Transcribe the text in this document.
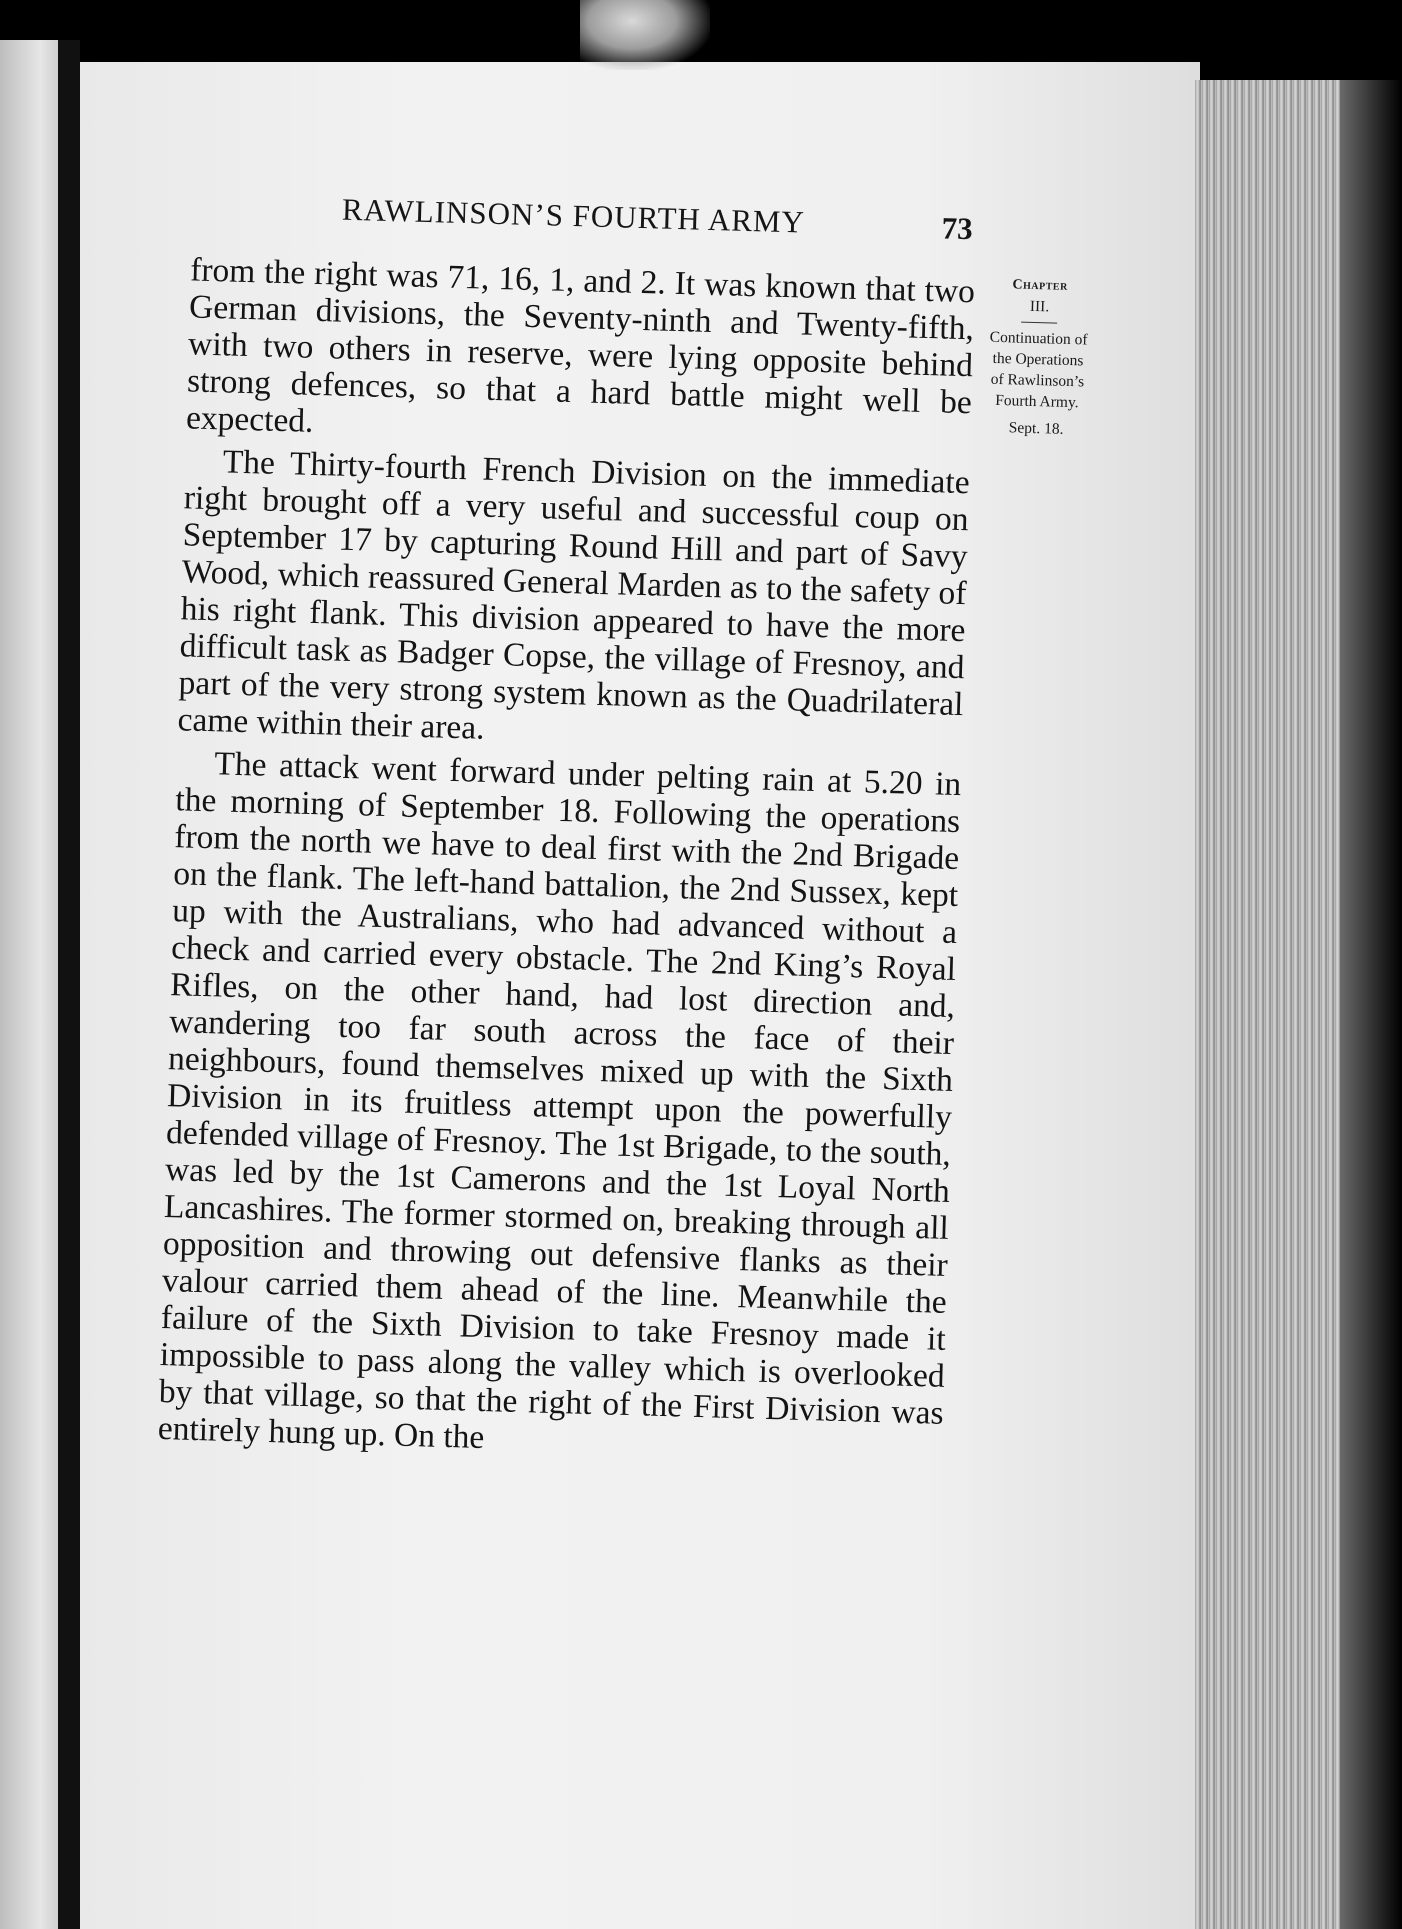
RAWLINSON’S FOURTH ARMY	73

from the right was 71, 16, 1, and 2. It was known that two German divisions, the Seventy-ninth and Twenty-fifth, with two others in reserve, were lying opposite behind strong defences, so that a hard battle might well be expected.

The Thirty-fourth French Division on the immediate right brought off a very useful and successful coup on September 17 by capturing Round Hill and part of Savy Wood, which reassured General Marden as to the safety of his right flank. This division appeared to have the more difficult task as Badger Copse, the village of Fresnoy, and part of the very strong system known as the Quadrilateral came within their area.

The attack went forward under pelting rain at 5.20 in the morning of September 18. Following the operations from the north we have to deal first with the 2nd Brigade on the flank. The left-hand battalion, the 2nd Sussex, kept up with the Australians, who had advanced without a check and carried every obstacle. The 2nd King’s Royal Rifles, on the other hand, had lost direction and, wandering too far south across the face of their neighbours, found themselves mixed up with the Sixth Division in its fruitless attempt upon the powerfully defended village of Fresnoy. The 1st Brigade, to the south, was led by the 1st Camerons and the 1st Loyal North Lancashires. The former stormed on, breaking through all opposition and throwing out defensive flanks as their valour carried them ahead of the line. Meanwhile the failure of the Sixth Division to take Fresnoy made it impossible to pass along the valley which is overlooked by that village, so that the right of the First Division was entirely hung up. On the

Chapter
III.
Continuation of the Operations of Rawlinson’s Fourth Army.
Sept. 18.
